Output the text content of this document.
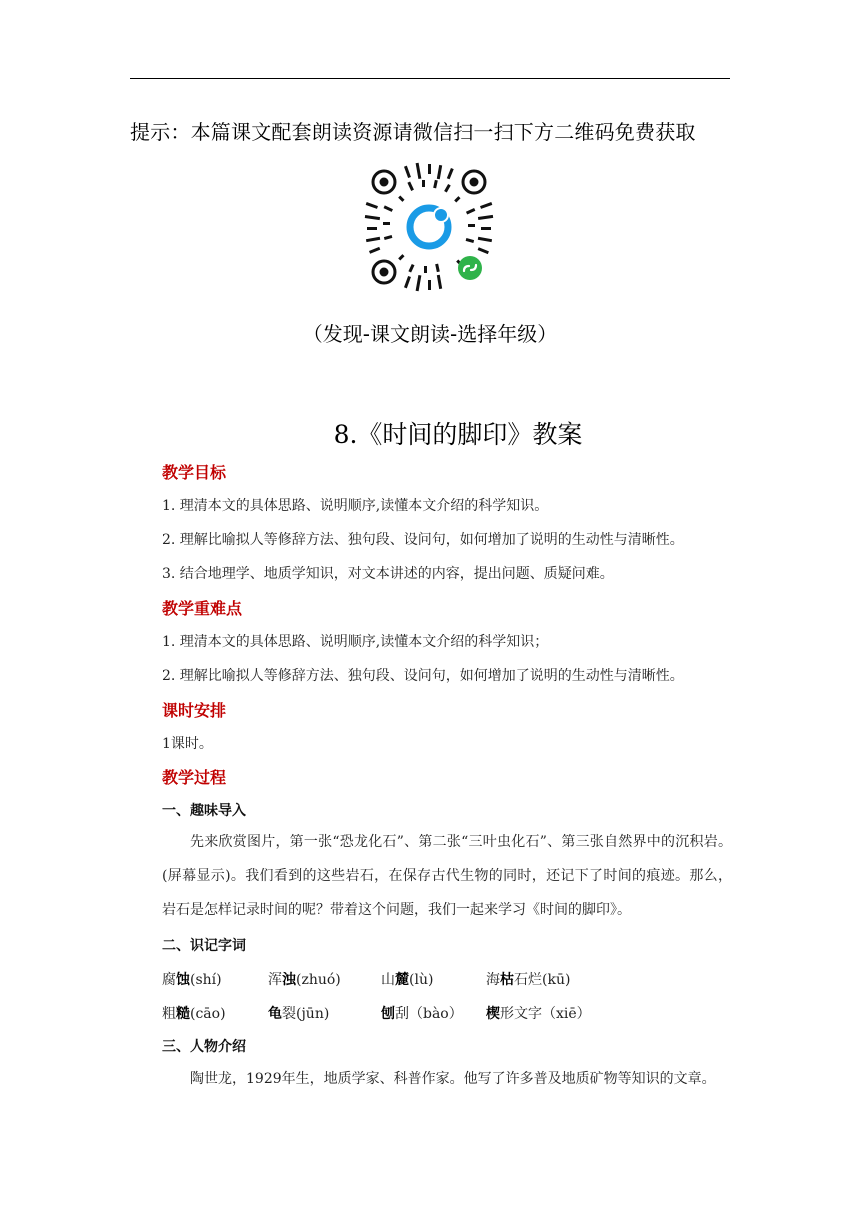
提示：本篇课文配套朗读资源请微信扫一扫下方二维码免费获取
（发现-课文朗读-选择年级）
8.《时间的脚印》教案
教学目标
1. 理清本文的具体思路、说明顺序,读懂本文介绍的科学知识。
2. 理解比喻拟人等修辞方法、独句段、设问句，如何增加了说明的生动性与清晰性。
3. 结合地理学、地质学知识，对文本讲述的内容，提出问题、质疑问难。
教学重难点
1. 理清本文的具体思路、说明顺序,读懂本文介绍的科学知识；
2. 理解比喻拟人等修辞方法、独句段、设问句，如何增加了说明的生动性与清晰性。
课时安排
1课时。
教学过程
一、趣味导入
先来欣赏图片，第一张“恐龙化石”、第二张“三叶虫化石”、第三张自然界中的沉积岩。(屏幕显示)。我们看到的这些岩石，在保存古代生物的同时，还记下了时间的痕迹。那么，岩石是怎样记录时间的呢？带着这个问题，我们一起来学习《时间的脚印》。
二、识记字词
腐蚀(shí)	浑浊(zhuó)	山麓(lù)	海枯石烂(kū)
粗糙(cāo)	龟裂(jūn)	刨刮（bào） 楔形文字（xiē）
三、人物介绍
陶世龙，1929年生，地质学家、科普作家。他写了许多普及地质矿物等知识的文章。
